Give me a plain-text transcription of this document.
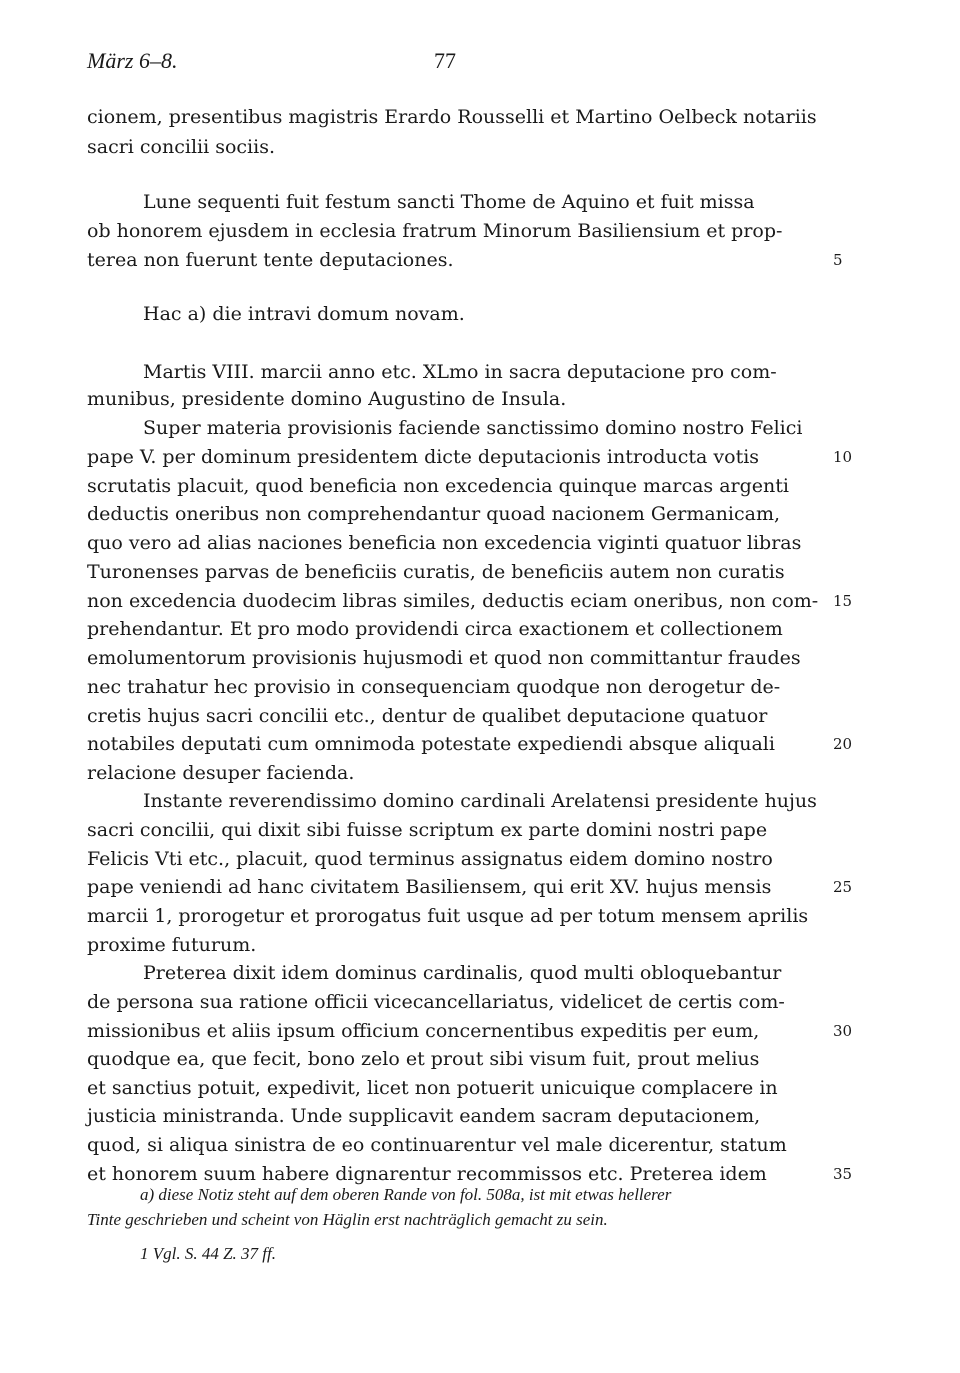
März 6–8.	77
cionem, presentibus magistris Erardo Rousselli et Martino Oelbeck notariis
sacri concilii sociis.
Lune sequenti fuit festum sancti Thome de Aquino et fuit missa
ob honorem ejusdem in ecclesia fratrum Minorum Basiliensium et prop-
terea non fuerunt tente deputaciones.
Hac a) die intravi domum novam.
Martis VIII. marcii anno etc. XLmo in sacra deputacione pro com-
munibus, presidente domino Augustino de Insula.
Super materia provisionis faciende sanctissimo domino nostro Felici
pape V. per dominum presidentem dicte deputacionis introducta votis
scrutatis placuit, quod beneficia non excedencia quinque marcas argenti
deductis oneribus non comprehendantur quoad nacionem Germanicam,
quo vero ad alias naciones beneficia non excedencia viginti quatuor libras
Turonenses parvas de beneficiis curatis, de beneficiis autem non curatis
non excedencia duodecim libras similes, deductis eciam oneribus, non com-
prehendantur. Et pro modo providendi circa exactionem et collectionem
emolumentorum provisionis hujusmodi et quod non committantur fraudes
nec trahatur hec provisio in consequenciam quodque non derogetur de-
cretis hujus sacri concilii etc., dentur de qualibet deputacione quatuor
notabiles deputati cum omnimoda potestate expediendi absque aliquali
relacione desuper facienda.
Instante reverendissimo domino cardinali Arelatensi presidente hujus
sacri concilii, qui dixit sibi fuisse scriptum ex parte domini nostri pape
Felicis Vti etc., placuit, quod terminus assignatus eidem domino nostro
pape veniendi ad hanc civitatem Basiliensem, qui erit XV. hujus mensis
marcii 1, prorogetur et prorogatus fuit usque ad per totum mensem aprilis
proxime futurum.
Preterea dixit idem dominus cardinalis, quod multi obloquebantur
de persona sua ratione officii vicecancellariatus, videlicet de certis com-
missionibus et aliis ipsum officium concernentibus expeditis per eum,
quodque ea, que fecit, bono zelo et prout sibi visum fuit, prout melius
et sanctius potuit, expedivit, licet non potuerit unicuique complacere in
justicia ministranda. Unde supplicavit eandem sacram deputacionem,
quod, si aliqua sinistra de eo continuarentur vel male dicerentur, statum
et honorem suum habere dignarentur recommissos etc. Preterea idem
5
10
15
20
25
30
35
a) diese Notiz steht auf dem oberen Rande von fol. 508a, ist mit etwas hellerer
Tinte geschrieben und scheint von Häglin erst nachträglich gemacht zu sein.
1 Vgl. S. 44 Z. 37 ff.
